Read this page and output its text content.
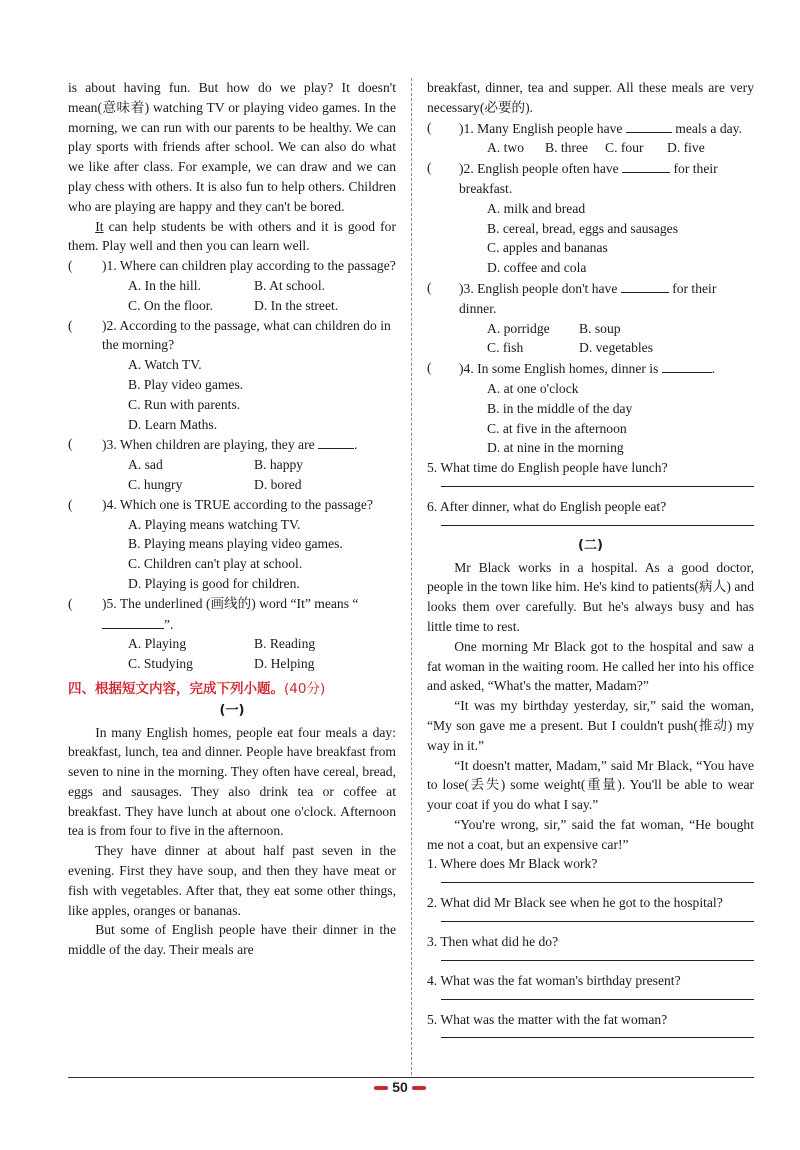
is about having fun. But how do we play? It doesn't mean(意味着) watching TV or playing video games. In the morning, we can run with our parents to be healthy. We can play sports with friends after school. We can also do what we like after class. For example, we can draw and we can play chess with others. It is also fun to help others. Children who are playing are happy and they can't be bored.

It can help students be with others and it is good for them. Play well and then you can learn well.

( )1. Where can children play according to the passage?
A. In the hill.	B. At school.
C. On the floor.	D. In the street.
( )2. According to the passage, what can children do in the morning?
A. Watch TV.
B. Play video games.
C. Run with parents.
D. Learn Maths.
( )3. When children are playing, they are	.
A. sad	B. happy
C. hungry	D. bored
( )4. Which one is TRUE according to the passage?
A. Playing means watching TV.
B. Playing means playing video games.
C. Children can't play at school.
D. Playing is good for children.
( )5. The underlined (画线的) word “It” means “”.
A. Playing	B. Reading
C. Studying	D. Helping
四、根据短文内容，完成下列小题。(40分)
(一)

In many English homes, people eat four meals a day: breakfast, lunch, tea and dinner. People have breakfast from seven to nine in the morning. They often have cereal, bread, eggs and sausages. They also drink tea or coffee at breakfast. They have lunch at about one o'clock. Afternoon tea is from four to five in the afternoon.

They have dinner at about half past seven in the evening. First they have soup, and then they have meat or fish with vegetables. After that, they eat some other things, like apples, oranges or bananas.

But some of English people have their dinner in the middle of the day. Their meals are

breakfast, dinner, tea and supper. All these meals are very necessary(必要的).

( )1. Many English people have	meals a day.
A. two	B. three	C. four	D. five
( )2. English people often have	for their breakfast.
A. milk and bread
B. cereal, bread, eggs and sausages
C. apples and bananas
D. coffee and cola
( )3. English people don't have	for their dinner.
A. porridge	B. soup
C. fish	D. vegetables
( )4. In some English homes, dinner is	.
A. at one o'clock
B. in the middle of the day
C. at five in the afternoon
D. at nine in the morning
5. What time do English people have lunch?
6. After dinner, what do English people eat?
(二)

Mr Black works in a hospital. As a good doctor, people in the town like him. He's kind to patients(病人) and looks them over carefully. But he's always busy and has little time to rest.

One morning Mr Black got to the hospital and saw a fat woman in the waiting room. He called her into his office and asked, “What's the matter, Madam?”

“It was my birthday yesterday, sir,” said the woman, “My son gave me a present. But I couldn't push(推动) my way in it.”

“It doesn't matter, Madam,” said Mr Black, “You have to lose(丢失) some weight(重量). You'll be able to wear your coat if you do what I say.”

“You're wrong, sir,” said the fat woman, “He bought me not a coat, but an expensive car!”

1. Where does Mr Black work?
2. What did Mr Black see when he got to the hospital?
3. Then what did he do?
4. What was the fat woman's birthday present?
5. What was the matter with the fat woman?
50
